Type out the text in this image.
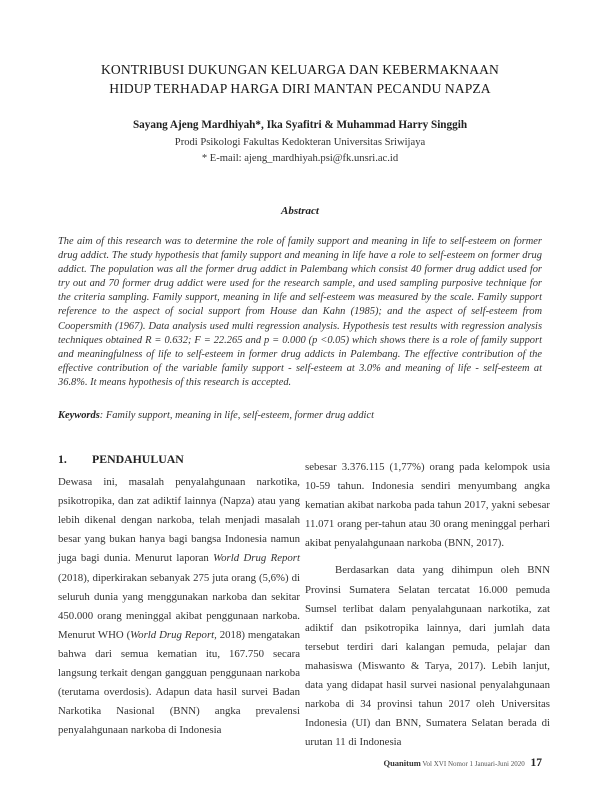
KONTRIBUSI DUKUNGAN KELUARGA DAN KEBERMAKNAAN
HIDUP TERHADAP HARGA DIRI MANTAN PECANDU NAPZA
Sayang Ajeng Mardhiyah*, Ika Syafitri & Muhammad Harry Singgih
Prodi Psikologi Fakultas Kedokteran Universitas Sriwijaya
* E-mail: ajeng_mardhiyah.psi@fk.unsri.ac.id
Abstract

The aim of this research was to determine the role of family support and meaning in life to self-esteem on former drug addict. The study hypothesis that family support and meaning in life have a role to self-esteem on former drug addict. The population was all the former drug addict in Palembang which consist 40 former drug addict used for try out and 70 former drug addict were used for the research sample, and used sampling purposive technique for the criteria sampling. Family support, meaning in life and self-esteem was measured by the scale. Family support reference to the aspect of social support from House dan Kahn (1985); and the aspect of self-esteem from Coopersmith (1967). Data analysis used multi regression analysis. Hypothesis test results with regression analysis techniques obtained R = 0.632; F = 22.265 and p = 0.000 (p <0.05) which shows there is a role of family support and meaningfulness of life to self-esteem in former drug addicts in Palembang. The effective contribution of the effective contribution of the variable family support - self-esteem at 3.0% and meaning of life - self-esteem at 36.8%. It means hypothesis of this research is accepted.

Keywords: Family support, meaning in life, self-esteem, former drug addict
1. PENDAHULUAN

Dewasa ini, masalah penyalahgunaan narkotika, psikotropika, dan zat adiktif lainnya (Napza) atau yang lebih dikenal dengan narkoba, telah menjadi masalah besar yang bukan hanya bagi bangsa Indonesia namun juga bagi dunia. Menurut laporan World Drug Report (2018), diperkirakan sebanyak 275 juta orang (5,6%) di seluruh dunia yang menggunakan narkoba dan sekitar 450.000 orang meninggal akibat penggunaan narkoba. Menurut WHO (World Drug Report, 2018) mengatakan bahwa dari semua kematian itu, 167.750 secara langsung terkait dengan gangguan penggunaan narkoba (terutama overdosis). Adapun data hasil survei Badan Narkotika Nasional (BNN) angka prevalensi penyalahgunaan narkoba di Indonesia

sebesar 3.376.115 (1,77%) orang pada kelompok usia 10-59 tahun. Indonesia sendiri menyumbang angka kematian akibat narkoba pada tahun 2017, yakni sebesar 11.071 orang per-tahun atau 30 orang meninggal perhari akibat penyalahgunaan narkoba (BNN, 2017).

Berdasarkan data yang dihimpun oleh BNN Provinsi Sumatera Selatan tercatat 16.000 pemuda Sumsel terlibat dalam penyalahgunaan narkotika, zat adiktif dan psikotropika lainnya, dari jumlah data tersebut terdiri dari kalangan pemuda, pelajar dan mahasiswa (Miswanto & Tarya, 2017). Lebih lanjut, data yang didapat hasil survei nasional penyalahgunaan narkoba di 34 provinsi tahun 2017 oleh Universitas Indonesia (UI) dan BNN, Sumatera Selatan berada di urutan 11 di Indonesia

Quanitum Vol XVI Nomor 1 Januari-Juni 2020 17
